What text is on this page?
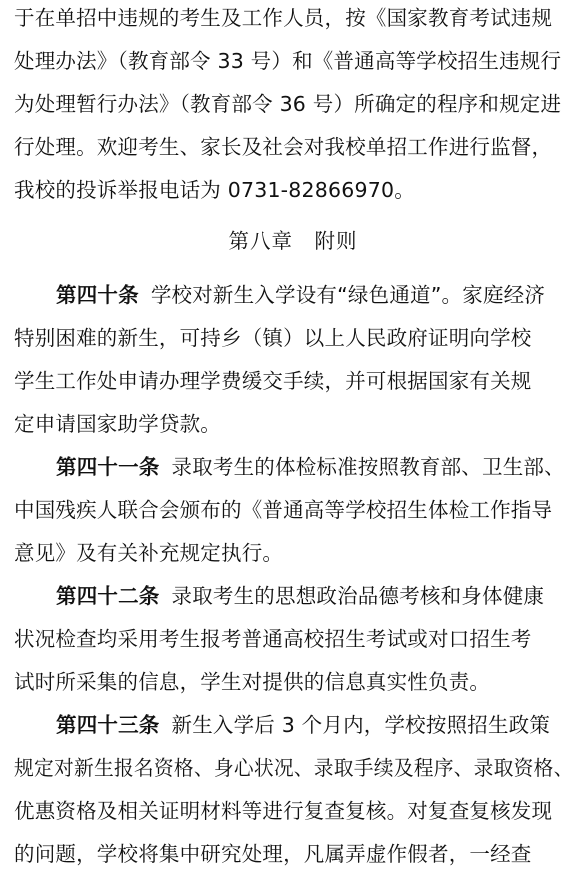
于在单招中违规的考生及工作人员，按《国家教育考试违规
处理办法》（教育部令 33 号）和《普通高等学校招生违规行
为处理暂行办法》（教育部令 36 号）所确定的程序和规定进
行处理。欢迎考生、家长及社会对我校单招工作进行监督，
我校的投诉举报电话为 0731-82866970。
第八章　附则
第四十条 学校对新生入学设有“绿色通道”。家庭经济
特别困难的新生，可持乡（镇）以上人民政府证明向学校
学生工作处申请办理学费缓交手续，并可根据国家有关规
定申请国家助学贷款。
第四十一条 录取考生的体检标准按照教育部、卫生部、
中国残疾人联合会颁布的《普通高等学校招生体检工作指导
意见》及有关补充规定执行。
第四十二条 录取考生的思想政治品德考核和身体健康
状况检查均采用考生报考普通高校招生考试或对口招生考
试时所采集的信息，学生对提供的信息真实性负责。
第四十三条 新生入学后 3 个月内，学校按照招生政策
规定对新生报名资格、身心状况、录取手续及程序、录取资格、
优惠资格及相关证明材料等进行复查复核。对复查复核发现
的问题，学校将集中研究处理，凡属弄虚作假者，一经查
